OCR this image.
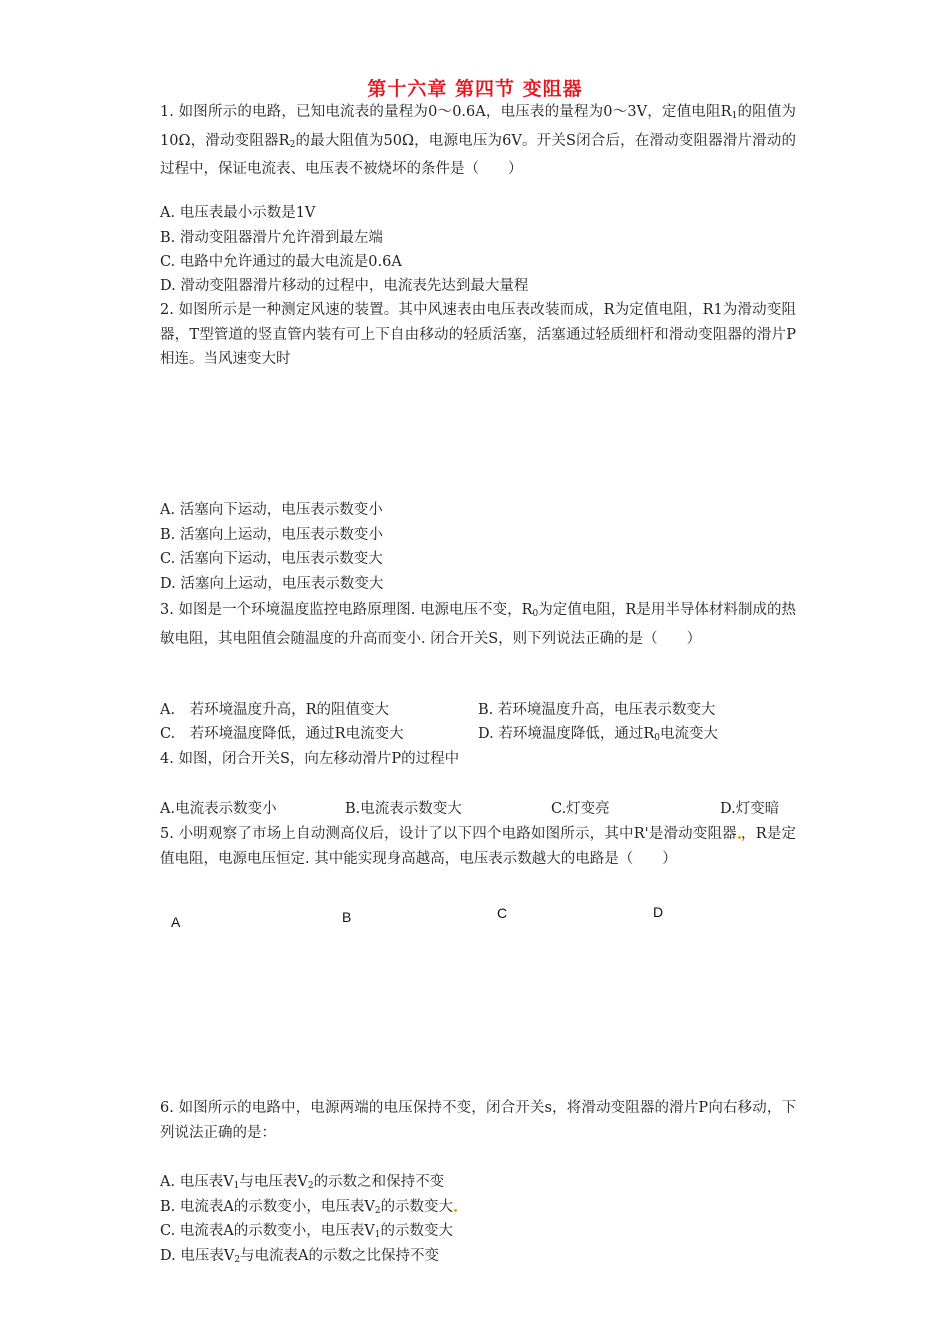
第十六章 第四节 变阻器
1. 如图所示的电路，已知电流表的量程为0～0.6A，电压表的量程为0～3V，定值电阻$R_1$的阻值为10Ω，滑动变阻器$R_2$的最大阻值为50Ω，电源电压为6V。开关S闭合后，在滑动变阻器滑片滑动的过程中，保证电流表、电压表不被烧坏的条件是（　　）
A. 电压表最小示数是1V
B. 滑动变阻器滑片允许滑到最左端
C. 电路中允许通过的最大电流是0.6A
D. 滑动变阻器滑片移动的过程中，电流表先达到最大量程
2. 如图所示是一种测定风速的装置。其中风速表由电压表改装而成，R为定值电阻，R1为滑动变阻器，T型管道的竖直管内装有可上下自由移动的轻质活塞，活塞通过轻质细杆和滑动变阻器的滑片P相连。当风速变大时
A. 活塞向下运动，电压表示数变小
B. 活塞向上运动，电压表示数变小
C. 活塞向下运动，电压表示数变大
D. 活塞向上运动，电压表示数变大
3. 如图是一个环境温度监控电路原理图. 电源电压不变，$R_0$为定值电阻，R是用半导体材料制成的热敏电阻，其电阻值会随温度的升高而变小. 闭合开关S，则下列说法正确的是（　　）
A.　若环境温度升高，R的阻值变大	B. 若环境温度升高，电压表示数变大
C.　若环境温度降低，通过R电流变大	D. 若环境温度降低，通过$R_0$电流变大
4. 如图，闭合开关S，向左移动滑片P的过程中
A.电流表示数变小	B.电流表示数变大	C.灯变亮	D.灯变暗
5. 小明观察了市场上自动测高仪后，设计了以下四个电路如图所示，其中R'是滑动变阻器 ，R是定值电阻，电源电压恒定. 其中能实现身高越高，电压表示数越大的电路是（　　）
A	B	C	D
6. 如图所示的电路中，电源两端的电压保持不变，闭合开关s，将滑动变阻器的滑片P向右移动，下列说法正确的是：
A. 电压表$V_1$与电压表$V_2$的示数之和保持不变
B. 电流表A的示数变小，电压表$V_2$的示数变大
C. 电流表A的示数变小，电压表$V_1$的示数变大
D. 电压表$V_2$与电流表A的示数之比保持不变
